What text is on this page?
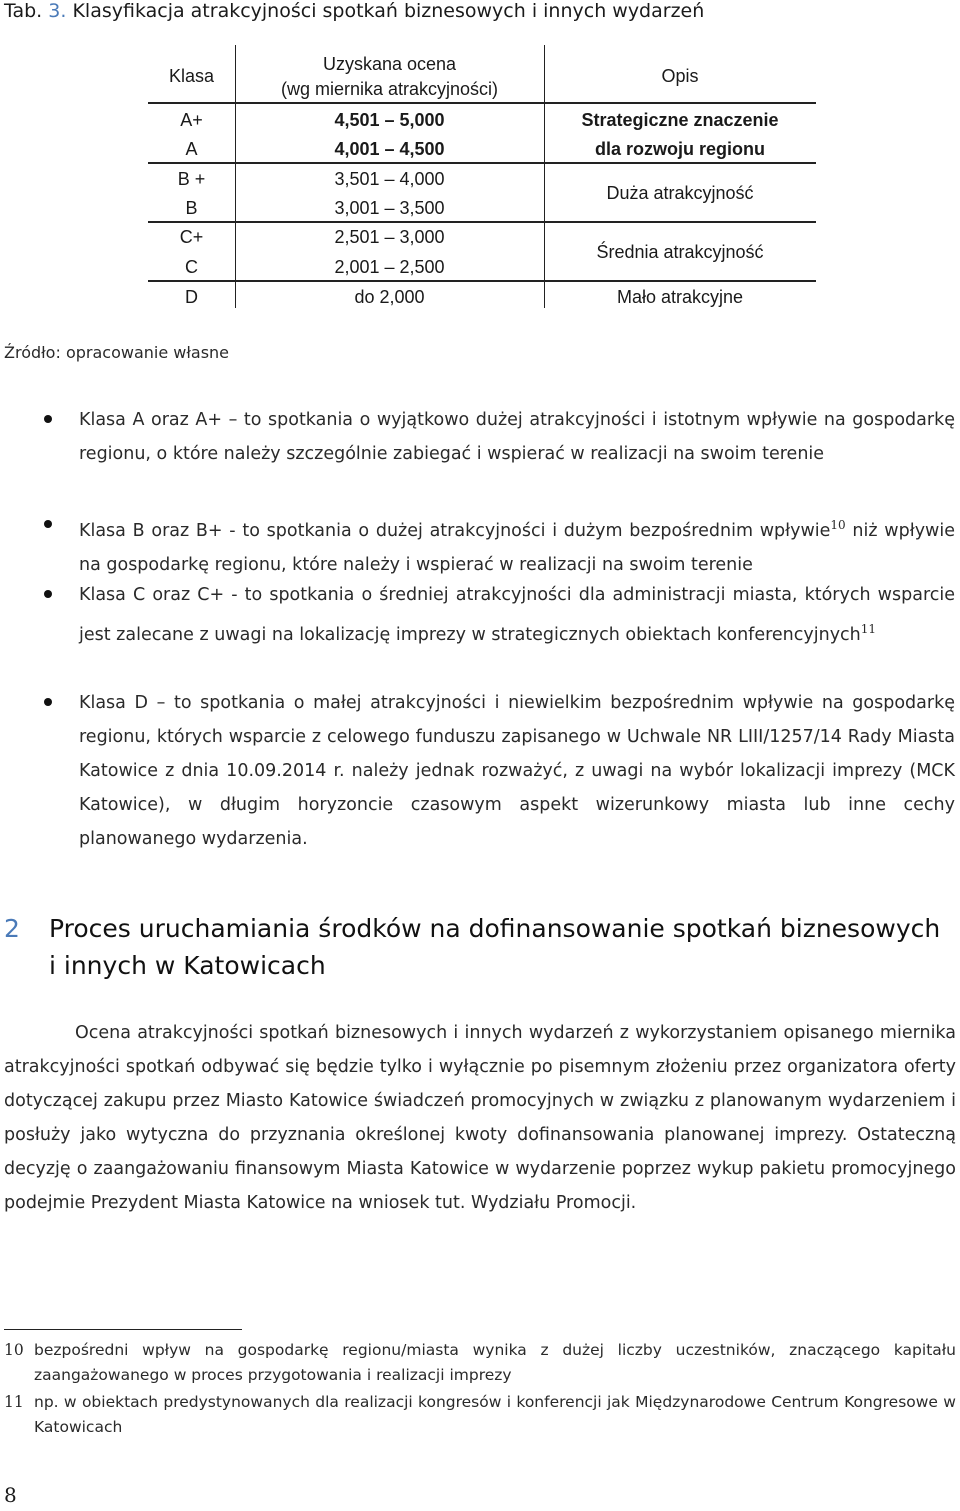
Tab. 3. Klasyfikacja atrakcyjności spotkań biznesowych i innych wydarzeń
Klasa
Uzyskana ocena
(wg miernika atrakcyjności)
Opis
A+
A
B +
B
C+
C
D
4,501 – 5,000
4,001 – 4,500
3,501 – 4,000
3,001 – 3,500
2,501 – 3,000
2,001 – 2,500
do 2,000
Strategiczne znaczenie
dla rozwoju regionu
Duża atrakcyjność
Średnia atrakcyjność
Mało atrakcyjne
Źródło: opracowanie własne
Klasa A oraz A+ – to spotkania o wyjątkowo dużej atrakcyjności i istotnym wpływie na gospodarkę regionu, o które należy szczególnie zabiegać i wspierać w realizacji na swoim terenie
Klasa B oraz B+ - to spotkania o dużej atrakcyjności i dużym bezpośrednim wpływie$^{10}$ niż wpływie na gospodarkę regionu, które należy i wspierać w realizacji na swoim terenie
Klasa C oraz C+ - to spotkania o średniej atrakcyjności dla administracji miasta, których wsparcie jest zalecane z uwagi na lokalizację imprezy w strategicznych obiektach konferencyjnych$^{11}$
Klasa D – to spotkania o małej atrakcyjności i niewielkim bezpośrednim wpływie na gospodarkę regionu, których wsparcie z celowego funduszu zapisanego w Uchwale NR LIII/1257/14 Rady Miasta Katowice z dnia 10.09.2014 r. należy jednak rozważyć, z uwagi na wybór lokalizacji imprezy (MCK Katowice), w długim horyzoncie czasowym aspekt wizerunkowy miasta lub inne cechy planowanego wydarzenia.
2 Proces uruchamiania środków na dofinansowanie spotkań biznesowych i innych w Katowicach
Ocena atrakcyjności spotkań biznesowych i innych wydarzeń z wykorzystaniem opisanego miernika atrakcyjności spotkań odbywać się będzie tylko i wyłącznie po pisemnym złożeniu przez organizatora oferty dotyczącej zakupu przez Miasto Katowice świadczeń promocyjnych w związku z planowanym wydarzeniem i posłuży jako wytyczna do przyznania określonej kwoty dofinansowania planowanej imprezy. Ostateczną decyzję o zaangażowaniu finansowym Miasta Katowice w wydarzenie poprzez wykup pakietu promocyjnego podejmie Prezydent Miasta Katowice na wniosek tut. Wydziału Promocji.
10 bezpośredni wpływ na gospodarkę regionu/miasta wynika z dużej liczby uczestników, znaczącego kapitału zaangażowanego w proces przygotowania i realizacji imprezy
11 np. w obiektach predystynowanych dla realizacji kongresów i konferencji jak Międzynarodowe Centrum Kongresowe w Katowicach
8
